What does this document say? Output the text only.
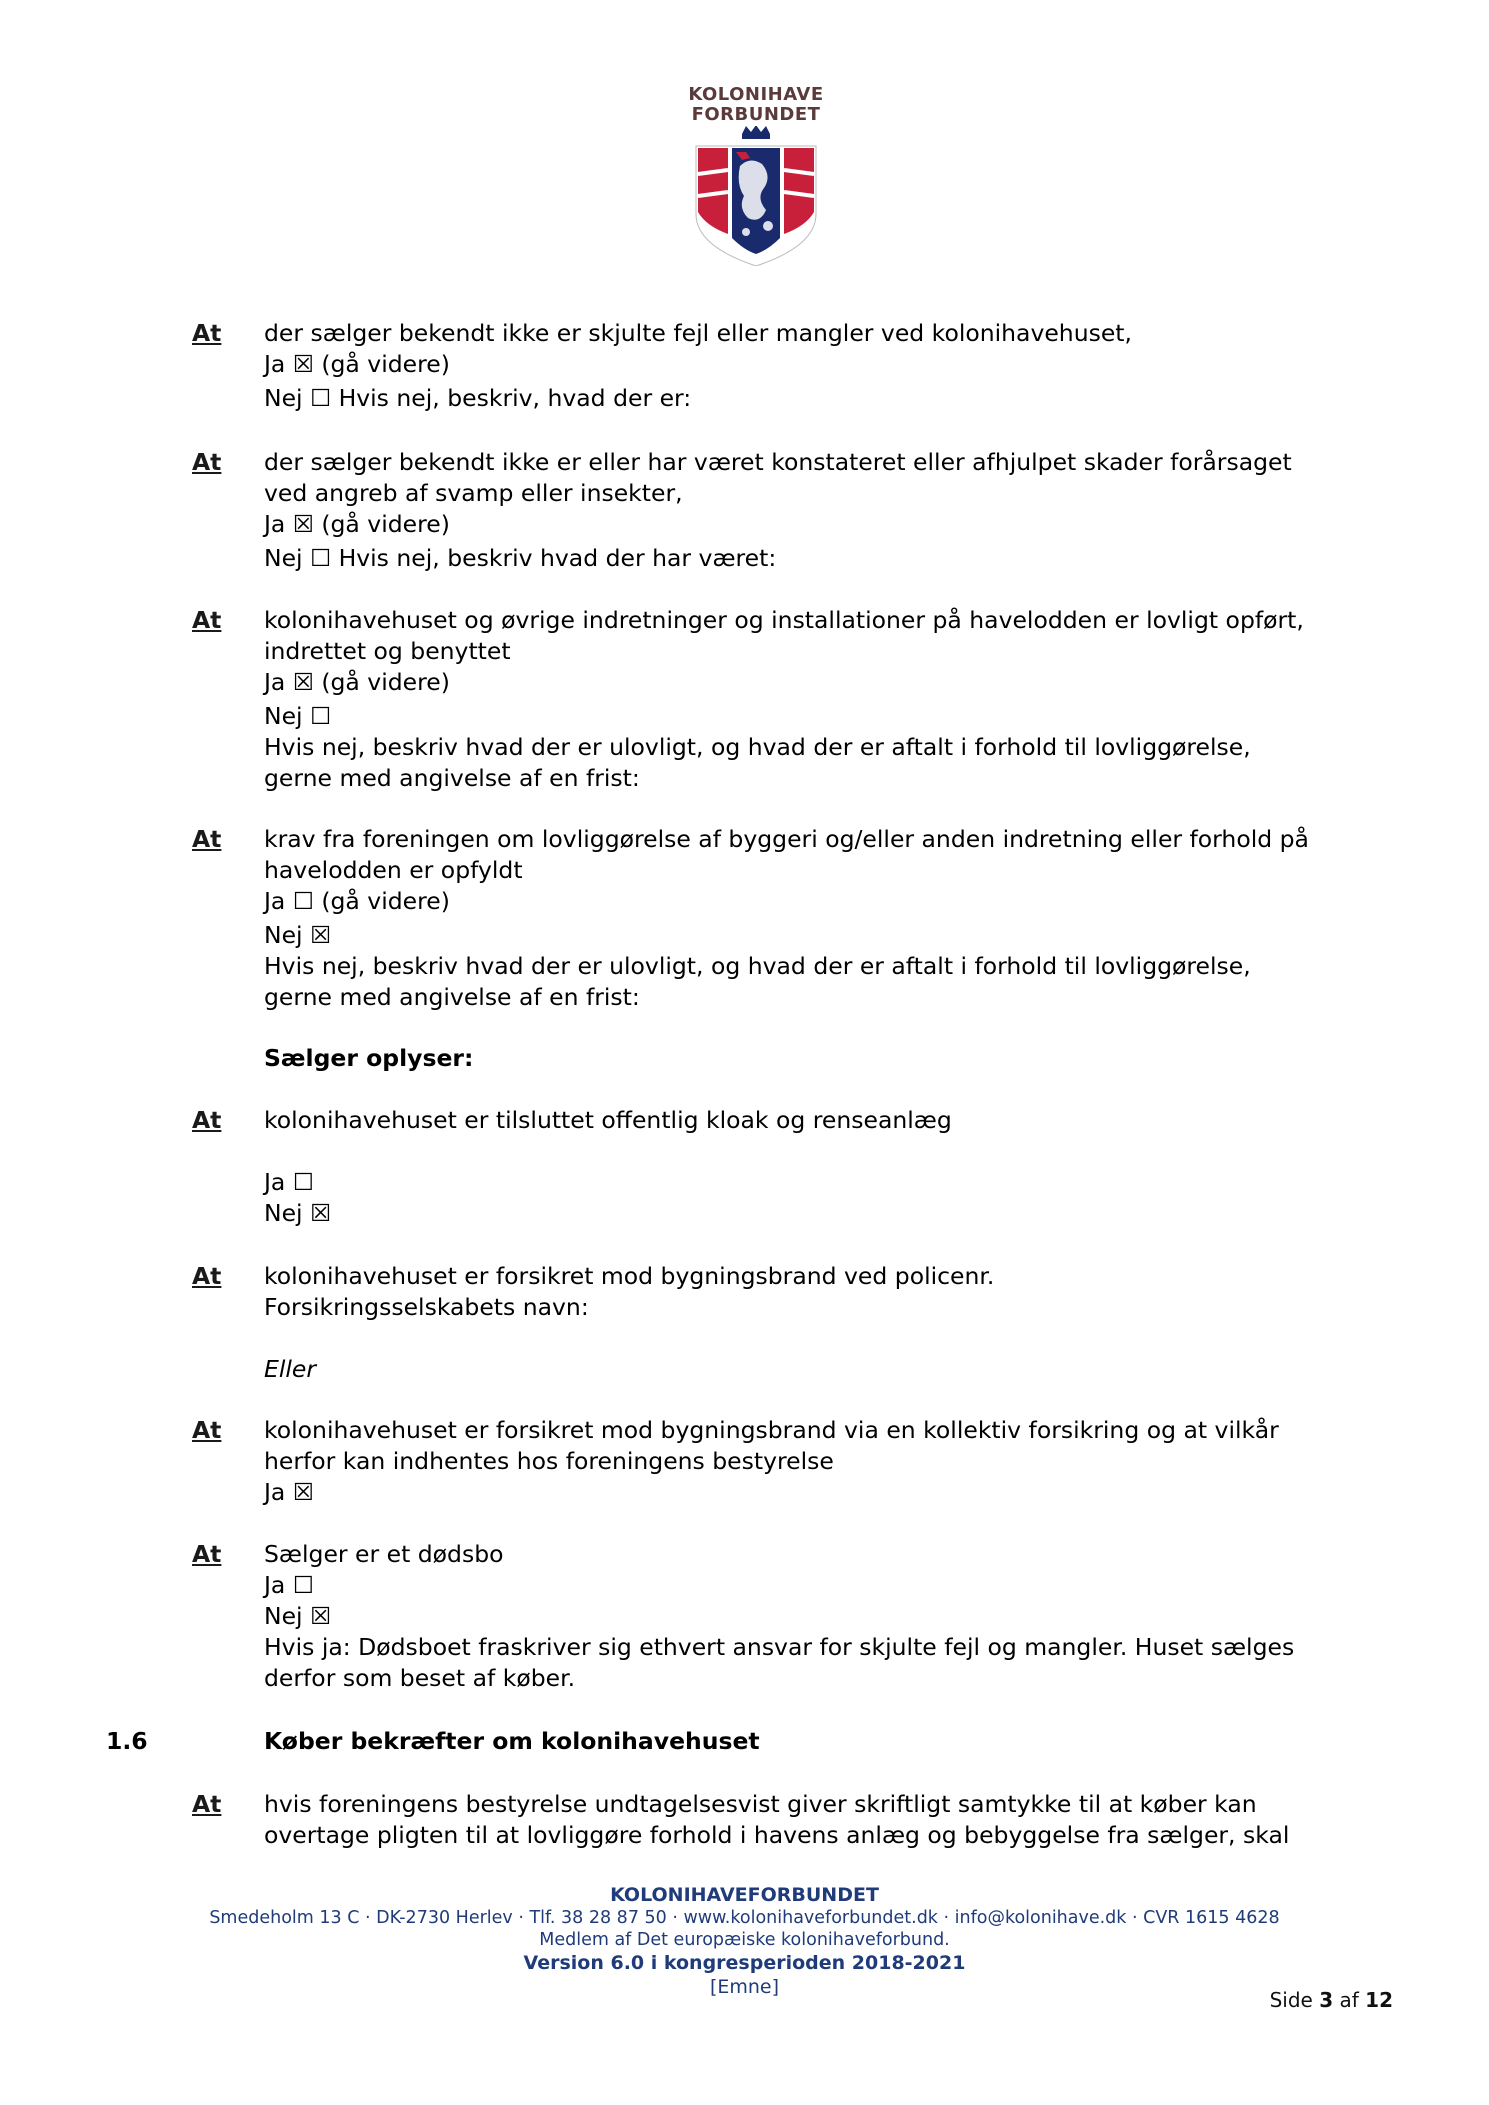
KOLONIHAVE
FORBUNDET
At der sælger bekendt ikke er skjulte fejl eller mangler ved kolonihavehuset,
Ja ☒ (gå videre)
Nej ☐ Hvis nej, beskriv, hvad der er:
At der sælger bekendt ikke er eller har været konstateret eller afhjulpet skader forårsaget
ved angreb af svamp eller insekter,
Ja ☒ (gå videre)
Nej ☐ Hvis nej, beskriv hvad der har været:
At kolonihavehuset og øvrige indretninger og installationer på havelodden er lovligt opført,
indrettet og benyttet
Ja ☒ (gå videre)
Nej ☐
Hvis nej, beskriv hvad der er ulovligt, og hvad der er aftalt i forhold til lovliggørelse,
gerne med angivelse af en frist:
At krav fra foreningen om lovliggørelse af byggeri og/eller anden indretning eller forhold på
havelodden er opfyldt
Ja ☐ (gå videre)
Nej ☒
Hvis nej, beskriv hvad der er ulovligt, og hvad der er aftalt i forhold til lovliggørelse,
gerne med angivelse af en frist:
Sælger oplyser:
At kolonihavehuset er tilsluttet offentlig kloak og renseanlæg
Ja ☐
Nej ☒
At kolonihavehuset er forsikret mod bygningsbrand ved policenr.
Forsikringsselskabets navn:
Eller
At kolonihavehuset er forsikret mod bygningsbrand via en kollektiv forsikring og at vilkår
herfor kan indhentes hos foreningens bestyrelse
Ja ☒
At Sælger er et dødsbo
Ja ☐
Nej ☒
Hvis ja: Dødsboet fraskriver sig ethvert ansvar for skjulte fejl og mangler. Huset sælges
derfor som beset af køber.
1.6	Køber bekræfter om kolonihavehuset
At hvis foreningens bestyrelse undtagelsesvist giver skriftligt samtykke til at køber kan
overtage pligten til at lovliggøre forhold i havens anlæg og bebyggelse fra sælger, skal
KOLONIHAVEFORBUNDET
Smedeholm 13 C · DK-2730 Herlev · Tlf. 38 28 87 50 · www.kolonihaveforbundet.dk · info@kolonihave.dk · CVR 1615 4628
Medlem af Det europæiske kolonihaveforbund.
Version 6.0 i kongresperioden 2018-2021
[Emne]
Side 3 af 12
